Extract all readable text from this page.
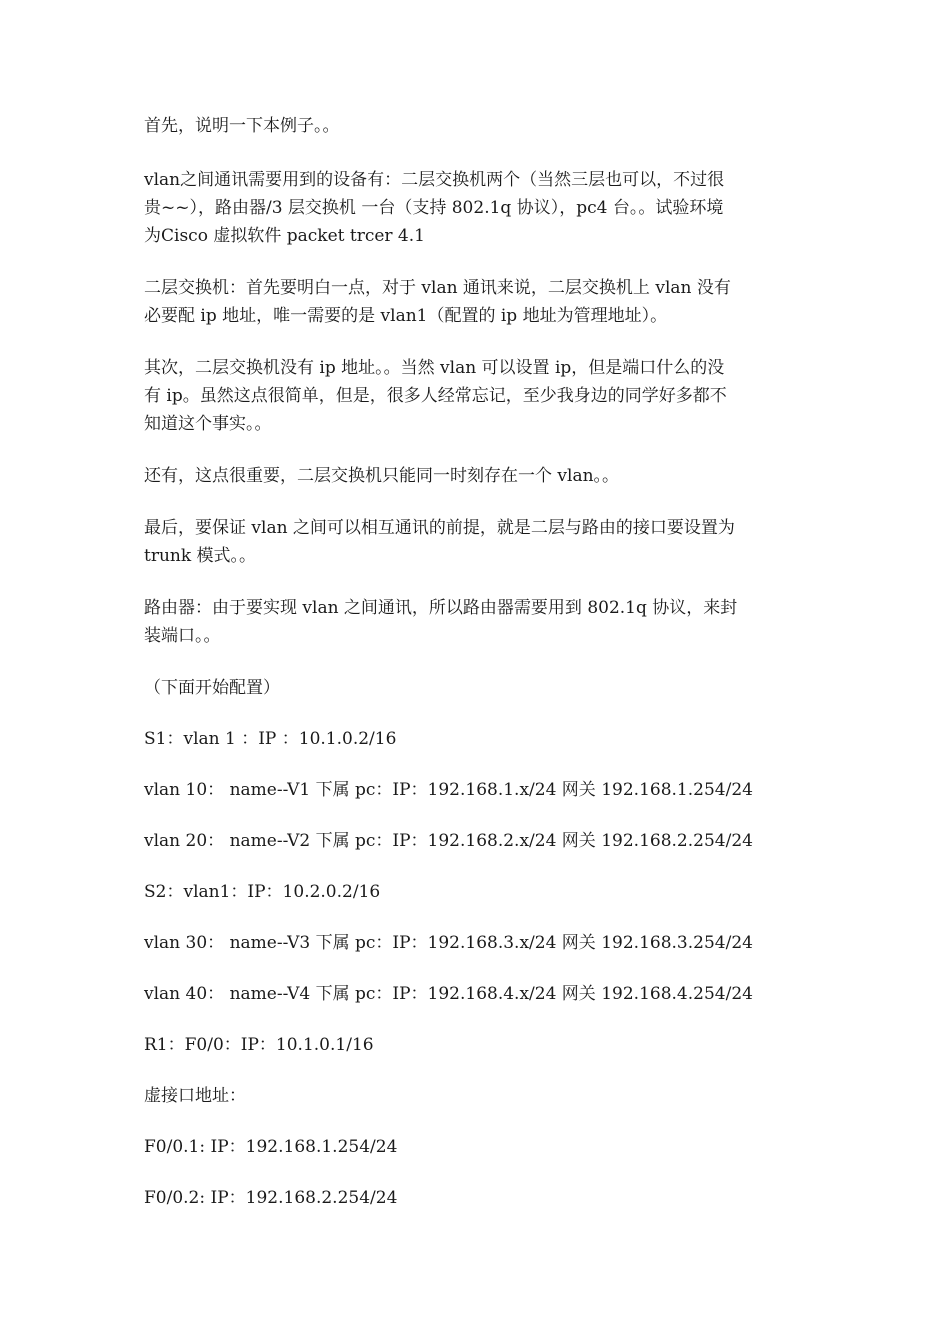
首先，说明一下本例子。。

vlan之间通讯需要用到的设备有：二层交换机两个（当然三层也可以，不过很
贵~~），路由器/3 层交换机 一台（支持 802.1q 协议），pc4 台。。试验环境
为Cisco 虚拟软件 packet trcer 4.1

二层交换机：首先要明白一点，对于 vlan 通讯来说，二层交换机上 vlan 没有
必要配 ip 地址，唯一需要的是 vlan1（配置的 ip 地址为管理地址）。

其次，二层交换机没有 ip 地址。。当然 vlan 可以设置 ip，但是端口什么的没
有 ip。虽然这点很简单，但是，很多人经常忘记，至少我身边的同学好多都不
知道这个事实。。

还有，这点很重要，二层交换机只能同一时刻存在一个 vlan。。

最后，要保证 vlan 之间可以相互通讯的前提，就是二层与路由的接口要设置为
trunk 模式。。

路由器：由于要实现 vlan 之间通讯，所以路由器需要用到 802.1q 协议，来封
装端口。。

（下面开始配置）

S1：vlan 1 ：IP ：10.1.0.2/16

vlan 10： name--V1 下属 pc：IP：192.168.1.x/24 网关 192.168.1.254/24

vlan 20： name--V2 下属 pc：IP：192.168.2.x/24 网关 192.168.2.254/24

S2：vlan1：IP：10.2.0.2/16

vlan 30： name--V3 下属 pc：IP：192.168.3.x/24 网关 192.168.3.254/24

vlan 40： name--V4 下属 pc：IP：192.168.4.x/24 网关 192.168.4.254/24

R1：F0/0：IP：10.1.0.1/16

虚接口地址：

F0/0.1: IP：192.168.1.254/24

F0/0.2: IP：192.168.2.254/24
